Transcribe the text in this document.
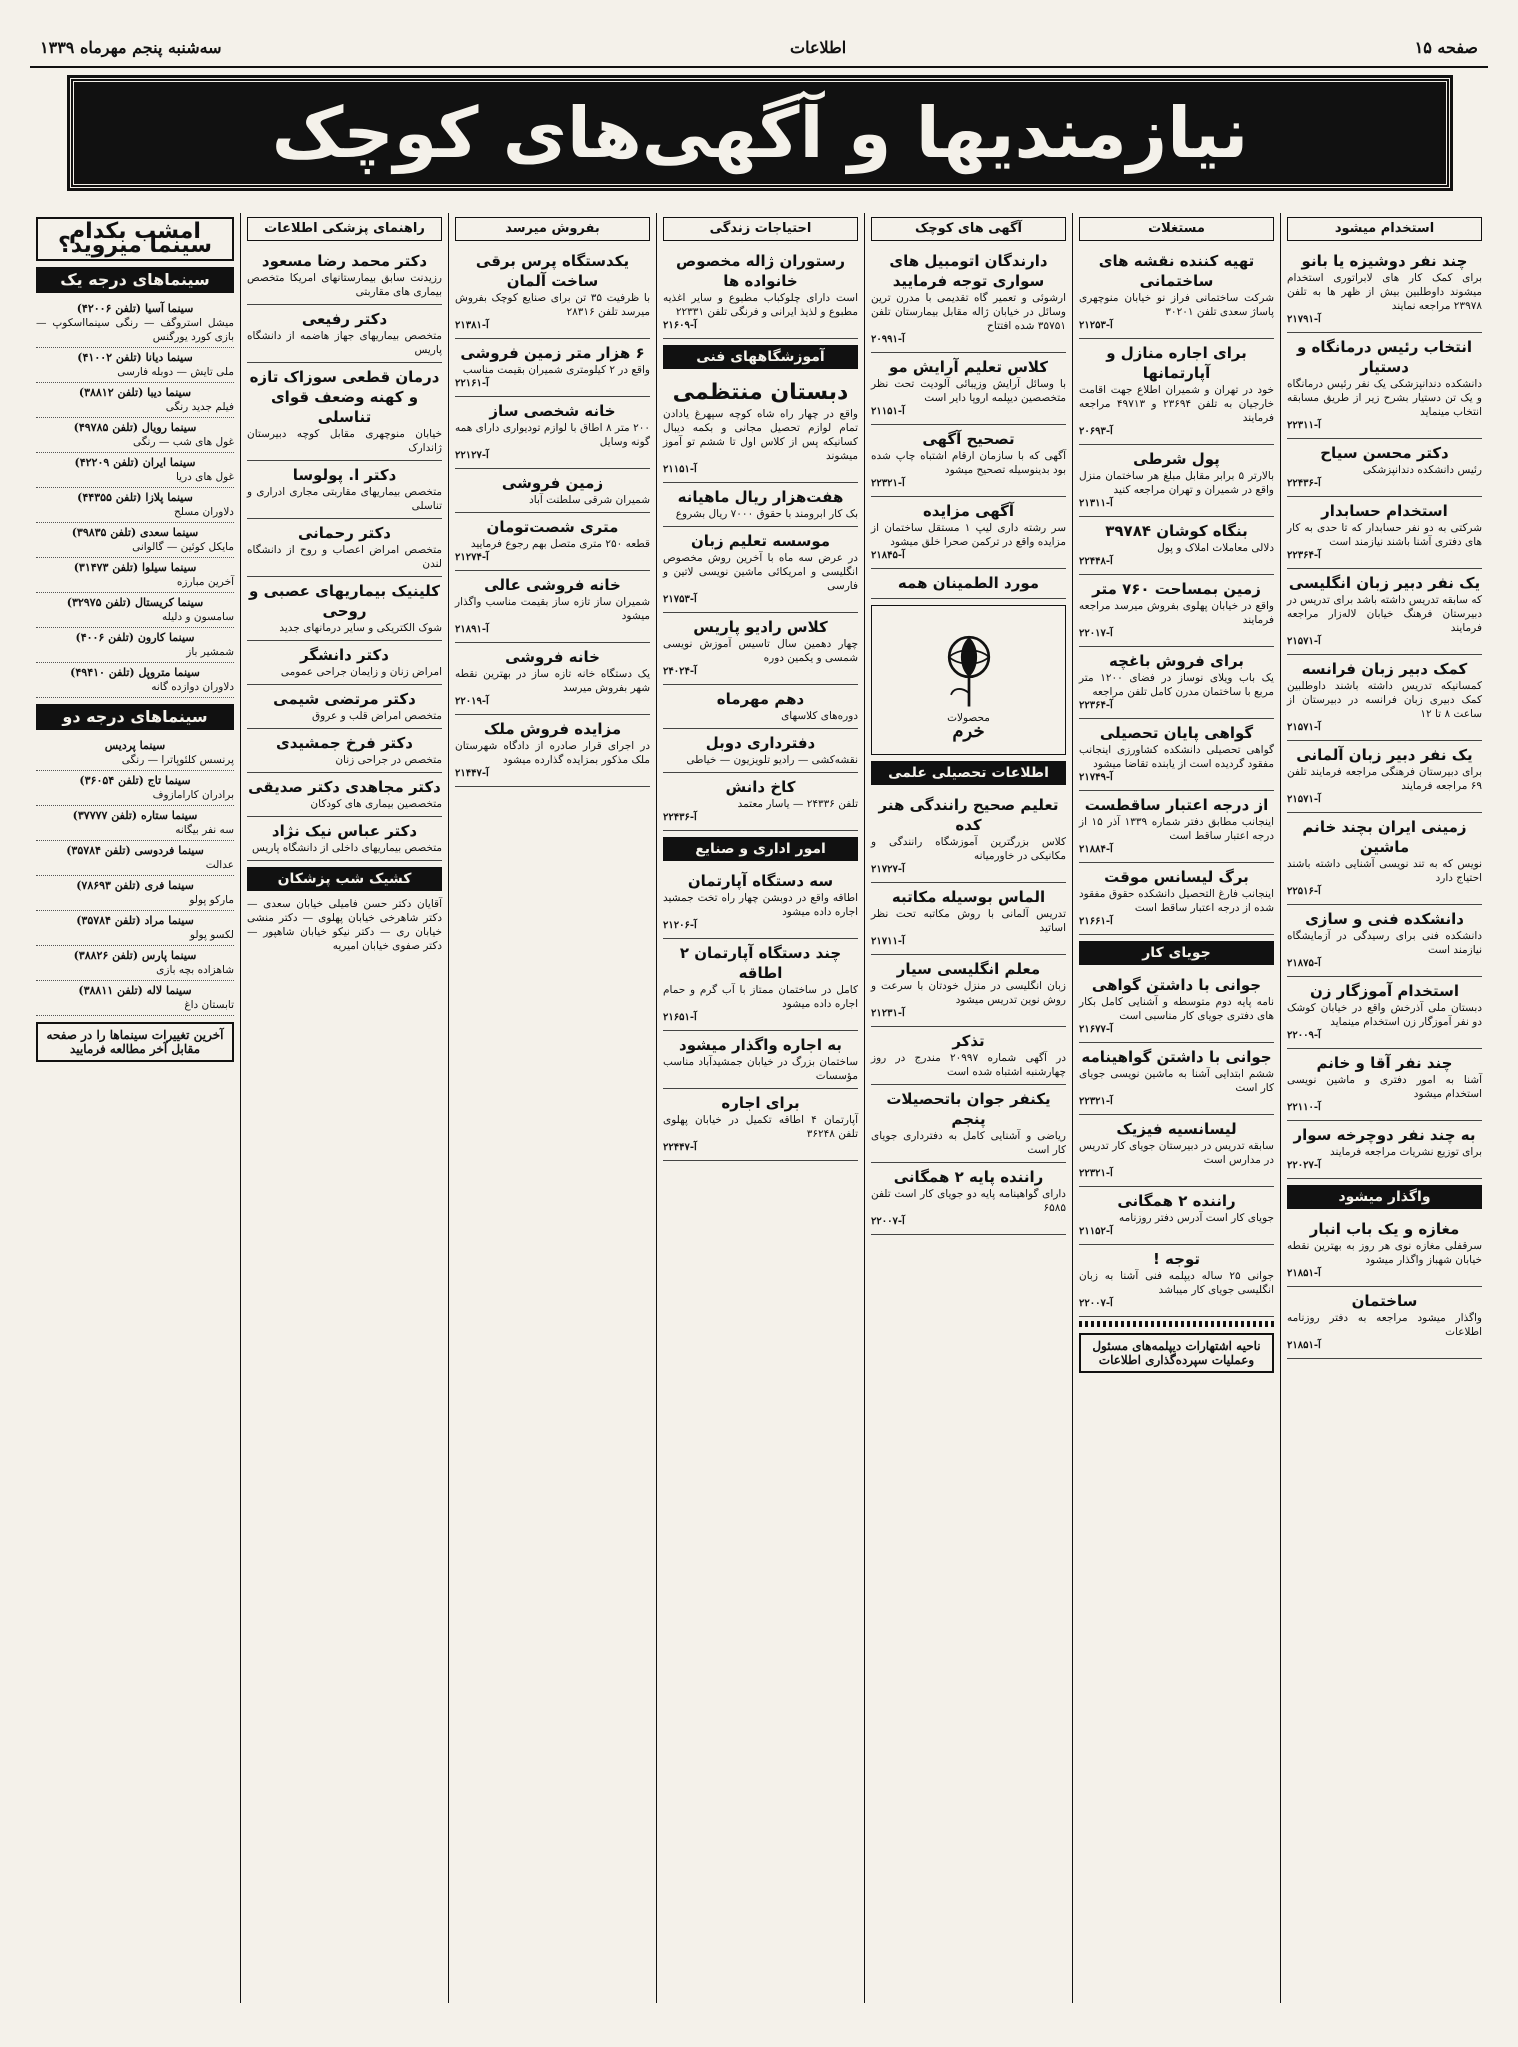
صفحه ۱۵
اطلاعات
سه‌شنبه پنجم مهرماه ۱۳۳۹
نیازمندیها و آگهی‌های کوچک
استخدام میشود
چند نفر دوشیزه یا بانو
برای کمک کار های لابراتوری استخدام میشوند داوطلبین بیش از ظهر ها به تلفن ۲۳۹۷۸ مراجعه نمایند
آ-۲۱۷۹۱
انتخاب رئیس درمانگاه و دستیار
دانشکده دندانپزشکی یک نفر رئیس درمانگاه و یک تن دستیار بشرح زیر از طریق مسابقه انتخاب مینماید
آ-۲۲۳۱۱
دکتر محسن سیاح
رئیس دانشکده دندانپزشکی
آ-۲۲۴۳۶
استخدام حسابدار
شرکتی به دو نفر حسابدار که تا حدی به کار های دفتری آشنا باشند نیازمند است
آ-۲۲۳۶۴
یک نفر دبیر زبان انگلیسی
که سابقه تدریس داشته باشد برای تدریس در دبیرستان فرهنگ خیابان لاله‌زار مراجعه فرمایند
آ-۲۱۵۷۱
کمک دبیر زبان فرانسه
کمسانیکه تدریس داشته باشند داوطلبین کمک دبیری زبان فرانسه در دبیرستان از ساعت ۸ تا ۱۲
آ-۲۱۵۷۱
یک نفر دبیر زبان آلمانی
برای دبیرستان فرهنگی مراجعه فرمایند تلفن ۶۹ مراجعه فرمایند
آ-۲۱۵۷۱
زمینی ایران بچند خانم ماشین
نویس که به تند نویسی آشنایی داشته باشند احتیاج دارد
آ-۲۲۵۱۶
دانشکده فنی و سازی
دانشکده فنی برای رسیدگی در آزمایشگاه نیازمند است
آ-۲۱۸۷۵
استخدام آموزگار زن
دبستان ملی آذرخش واقع در خیابان کوشک دو نفر آموزگار زن استخدام مینماید
آ-۲۲۰۰۹
چند نفر آقا و خانم
آشنا به امور دفتری و ماشین نویسی استخدام میشود
آ-۲۲۱۱۰
به چند نفر دوچرخه سوار
برای توزیع نشریات مراجعه فرمایند
آ-۲۲۰۲۷
واگذار میشود
مغازه و یک باب انبار
سرقفلی مغازه نوی هر روز به بهترین نقطه خیابان شهباز واگذار میشود
آ-۲۱۸۵۱
ساختمان
واگذار میشود مراجعه به دفتر روزنامه اطلاعات
آ-۲۱۸۵۱
مستغلات
تهیه کننده نقشه های ساختمانی
شرکت ساختمانی فراز نو خیابان منوچهری پاساژ سعدی تلفن ۳۰۲۰۱
آ-۲۱۲۵۳
برای اجاره منازل و آپارتمانها
خود در تهران و شمیران اطلاع جهت اقامت خارجیان به تلفن ۲۳۶۹۴ و ۴۹۷۱۳ مراجعه فرمایند
آ-۲۰۶۹۳
پول شرطی
بالارتر ۵ برابر مقابل مبلغ هر ساختمان منزل واقع در شمیران و تهران مراجعه کنید
آ-۲۱۳۱۱
بنگاه کوشان ۳۹۷۸۴
دلالی معاملات املاک و پول
آ-۲۲۴۴۸
زمین بمساحت ۷۶۰ متر
واقع در خیابان پهلوی بفروش میرسد مراجعه فرمایند
آ-۲۲۰۱۷
برای فروش باغچه
یک باب ویلای نوساز در فضای ۱۲۰۰ متر مربع با ساختمان مدرن کامل تلفن مراجعه
آ-۲۲۳۶۴
گواهی پایان تحصیلی
گواهی تحصیلی دانشکده کشاورزی اینجانب مفقود گردیده است از یابنده تقاضا میشود
آ-۲۱۷۴۹
از درجه اعتبار ساقطست
اینجانب مطابق دفتر شماره ۱۳۳۹ آذر ۱۵ از درجه اعتبار ساقط است
آ-۲۱۸۸۴
برگ لیسانس موقت
اینجانب فارغ التحصیل دانشکده حقوق مفقود شده از درجه اعتبار ساقط است
آ-۲۱۶۶۱
جویای کار
جوانی با داشتن گواهی
نامه پایه دوم متوسطه و آشنایی کامل بکار های دفتری جویای کار مناسبی است
آ-۲۱۶۷۷
جوانی با داشتن گواهینامه
ششم ابتدایی آشنا به ماشین نویسی جویای کار است
آ-۲۲۳۲۱
لیسانسیه فیزیک
سابقه تدریس در دبیرستان جویای کار تدریس در مدارس است
آ-۲۲۳۲۱
راننده ۲ همگانی
جویای کار است آدرس دفتر روزنامه
آ-۲۱۱۵۲
توجه !
جوانی ۲۵ ساله دیپلمه فنی آشنا به زبان انگلیسی جویای کار میباشد
آ-۲۲۰۰۷
ناحیه اشتهارات دیپلمه‌های مسئول وعملیات سپرده‌گذاری اطلاعات
آگهی های کوچک
دارندگان اتومبیل های سواری توجه فرمایید
ارشوئی و تعمیر گاه تقدیمی با مدرن ترین وسائل در خیابان ژاله مقابل بیمارستان تلفن ۳۵۷۵۱ شده افتتاح
آ-۲۰۹۹۱
کلاس تعلیم آرایش مو
با وسائل آرایش وزیبائی آلودیت تحت نظر متخصصین دیپلمه اروپا دایر است
آ-۲۱۱۵۱
تصحیح آگهی
آگهی که با سازمان ارقام اشتباه چاپ شده بود بدینوسیله تصحیح میشود
آ-۲۲۳۲۱
آگهی مزایده
سر رشته داری لیپ ۱ مستقل ساختمان از مزایده واقع در ترکمن صحرا خلق میشود
آ-۲۱۸۴۵
مورد الطمینان همه
محصولات
خرم
اطلاعات تحصیلی علمی
تعلیم صحیح رانندگی هنر کده
کلاس بزرگترین آموزشگاه رانندگی و مکانیکی در خاورمیانه
آ-۲۱۷۲۷
الماس بوسیله مکاتبه
تدریس آلمانی با روش مکاتبه تحت نظر اساتید
آ-۲۱۷۱۱
معلم انگلیسی سیار
زبان انگلیسی در منزل خودتان با سرعت و روش نوین تدریس میشود
آ-۲۱۲۳۱
تذکر
در آگهی شماره ۲۰۹۹۷ مندرج در روز چهارشنبه اشتباه شده است
یکنفر جوان باتحصیلات پنجم
ریاضی و آشنایی کامل به دفترداری جویای کار است
راننده پایه ۲ همگانی
دارای گواهینامه پایه دو جویای کار است تلفن ۶۵۸۵
آ-۲۲۰۰۷
احتیاجات زندگی
رستوران ژاله مخصوص خانواده ها
است دارای چلوکباب مطبوع و سایر اغذیه مطبوع و لذیذ ایرانی و فرنگی تلفن ۲۲۳۳۱
آ-۲۱۶۰۹
آموزشگاههای فنی
دبستان منتظمی
واقع در چهار راه شاه کوچه سپهرغ یادادن تمام لوازم تحصیل مجانی و بکمه دیبال کسانیکه پس از کلاس اول تا ششم تو آموز میشوند
آ-۲۱۱۵۱
هفت‌هزار ریال ماهیانه
بک کار ابرومند با حقوق ۷۰۰۰ ریال بشروع
موسسه تعلیم زبان
در عرض سه ماه با آخرین روش مخصوص انگلیسی و امریکائی ماشین نویسی لاتین و فارسی
آ-۲۱۷۵۳
کلاس رادیو پاریس
چهار دهمین سال تاسیس آموزش نویسی شمسی و یکمین دوره
آ-۲۴۰۲۴
دهم مهرماه
دوره‌های کلاسهای
دفترداری دوبل
نقشه‌کشی — رادیو تلویزیون — خیاطی
کاخ دانش
تلفن ۲۴۳۳۶ — یاسار معتمد
آ-۲۲۴۳۶
امور اداری و صنایع
سه دستگاه آپارتمان
اطاقه واقع در دوبشن چهار راه تخت جمشید اجاره داده میشود
آ-۲۱۲۰۶
چند دستگاه آپارتمان ۲ اطاقه
کامل در ساختمان ممتاز با آب گرم و حمام اجاره داده میشود
آ-۲۱۶۵۱
به اجاره واگذار میشود
ساختمان بزرگ در خیابان جمشیدآباد مناسب مؤسسات
برای اجاره
آپارتمان ۴ اطاقه تکمیل در خیابان پهلوی تلفن ۳۶۲۴۸
آ-۲۲۴۴۷
بفروش میرسد
یکدستگاه پرس برقی ساخت آلمان
با ظرفیت ۳۵ تن برای صنایع کوچک بفروش میرسد تلفن ۲۸۳۱۶
آ-۲۱۳۸۱
۶ هزار متر زمین فروشی
واقع در ۲ کیلومتری شمیران بقیمت مناسب
آ-۲۲۱۶۱
خانه شخصی ساز
۲۰۰ متر ۸ اطاق با لوازم تودیواری دارای همه گونه وسایل
آ-۲۲۱۲۷
زمین فروشی
شمیران شرقی سلطنت آباد
متری شصت‌تومان
قطعه ۲۵۰ متری متصل بهم رجوع فرمایید
آ-۲۱۲۷۴
خانه فروشی عالی
شمیران ساز تازه ساز بقیمت مناسب واگذار میشود
آ-۲۱۸۹۱
خانه فروشی
یک دستگاه خانه تازه ساز در بهترین نقطه شهر بفروش میرسد
آ-۲۲۰۱۹
مزایده فروش ملک
در اجرای قرار صادره از دادگاه شهرستان ملک مذکور بمزایده گذارده میشود
آ-۲۱۴۴۷
راهنمای پزشکی اطلاعات
دکتر محمد رضا مسعود
رزیدنت سابق بیمارستانهای امریکا متخصص بیماری های مقاربتی
دکتر رفیعی
متخصص بیماریهای جهاز هاضمه از دانشگاه پاریس
درمان قطعی سوزاک تازه و کهنه وضعف قوای تناسلی
خیابان منوچهری مقابل کوچه دبیرستان ژاندارک
دکتر ا. پولوسا
متخصص بیماریهای مقاربتی مجاری ادراری و تناسلی
دکتر رحمانی
متخصص امراض اعصاب و روح از دانشگاه لندن
کلینیک بیماریهای عصبی و روحی
شوک الکتریکی و سایر درمانهای جدید
دکتر دانشگر
امراض زنان و زایمان جراحی عمومی
دکتر مرتضی شیمی
متخصص امراض قلب و عروق
دکتر فرخ جمشیدی
متخصص در جراحی زنان
دکتر مجاهدی دکتر صدیقی
متخصصین بیماری های کودکان
دکتر عباس نیک نژاد
متخصص بیماریهای داخلی از دانشگاه پاریس
کشیک شب پزشکان
آقایان دکتر حسن فامیلی خیابان سعدی — دکتر شاهرخی خیابان پهلوی — دکتر منشی خیابان ری — دکتر نیکو خیابان شاهپور — دکتر صفوی خیابان امیریه
امشب بکدام سینما میروید؟
سینماهای درجه یک
سینما آسیا (تلفن ۴۲۰۰۶)
میشل استروگف — رنگی سینمااسکوپ — بازی کورد یورگنس
سینما دیانا (تلفن ۴۱۰۰۲)
ملی تایش — دوبله فارسی
سینما دیبا (تلفن ۳۸۸۱۲)
فیلم جدید رنگی
سینما رویال (تلفن ۴۹۷۸۵)
غول های شب — رنگی
سینما ایران (تلفن ۴۲۲۰۹)
غول های دریا
سینما پلازا (تلفن ۴۴۳۵۵)
دلاوران مسلح
سینما سعدی (تلفن ۳۹۸۳۵)
مایکل کوئین — گالوانی
سینما سیلوا (تلفن ۳۱۴۷۳)
آخرین مبارزه
سینما کریستال (تلفن ۳۲۹۷۵)
سامسون و دلیله
سینما کارون (تلفن ۴۰۰۶)
شمشیر باز
سینما متروپل (تلفن ۴۹۴۱۰)
دلاوران دوازده گانه
سینماهای درجه دو
سینما پردیس
پرنسس کلئوپاترا — رنگی
سینما تاج (تلفن ۳۶۰۵۴)
برادران کارامازوف
سینما ستاره (تلفن ۳۷۷۷۷)
سه نفر بیگانه
سینما فردوسی (تلفن ۳۵۷۸۴)
عدالت
سینما فری (تلفن ۷۸۶۹۳)
مارکو پولو
سینما مراد (تلفن ۳۵۷۸۴)
لکسو پولو
سینما پارس (تلفن ۳۸۸۲۶)
شاهزاده بچه بازی
سینما لاله (تلفن ۳۸۸۱۱)
تابستان داغ
آخرین تغییرات سینماها را در صفحه مقابل آخر مطالعه فرمایید
